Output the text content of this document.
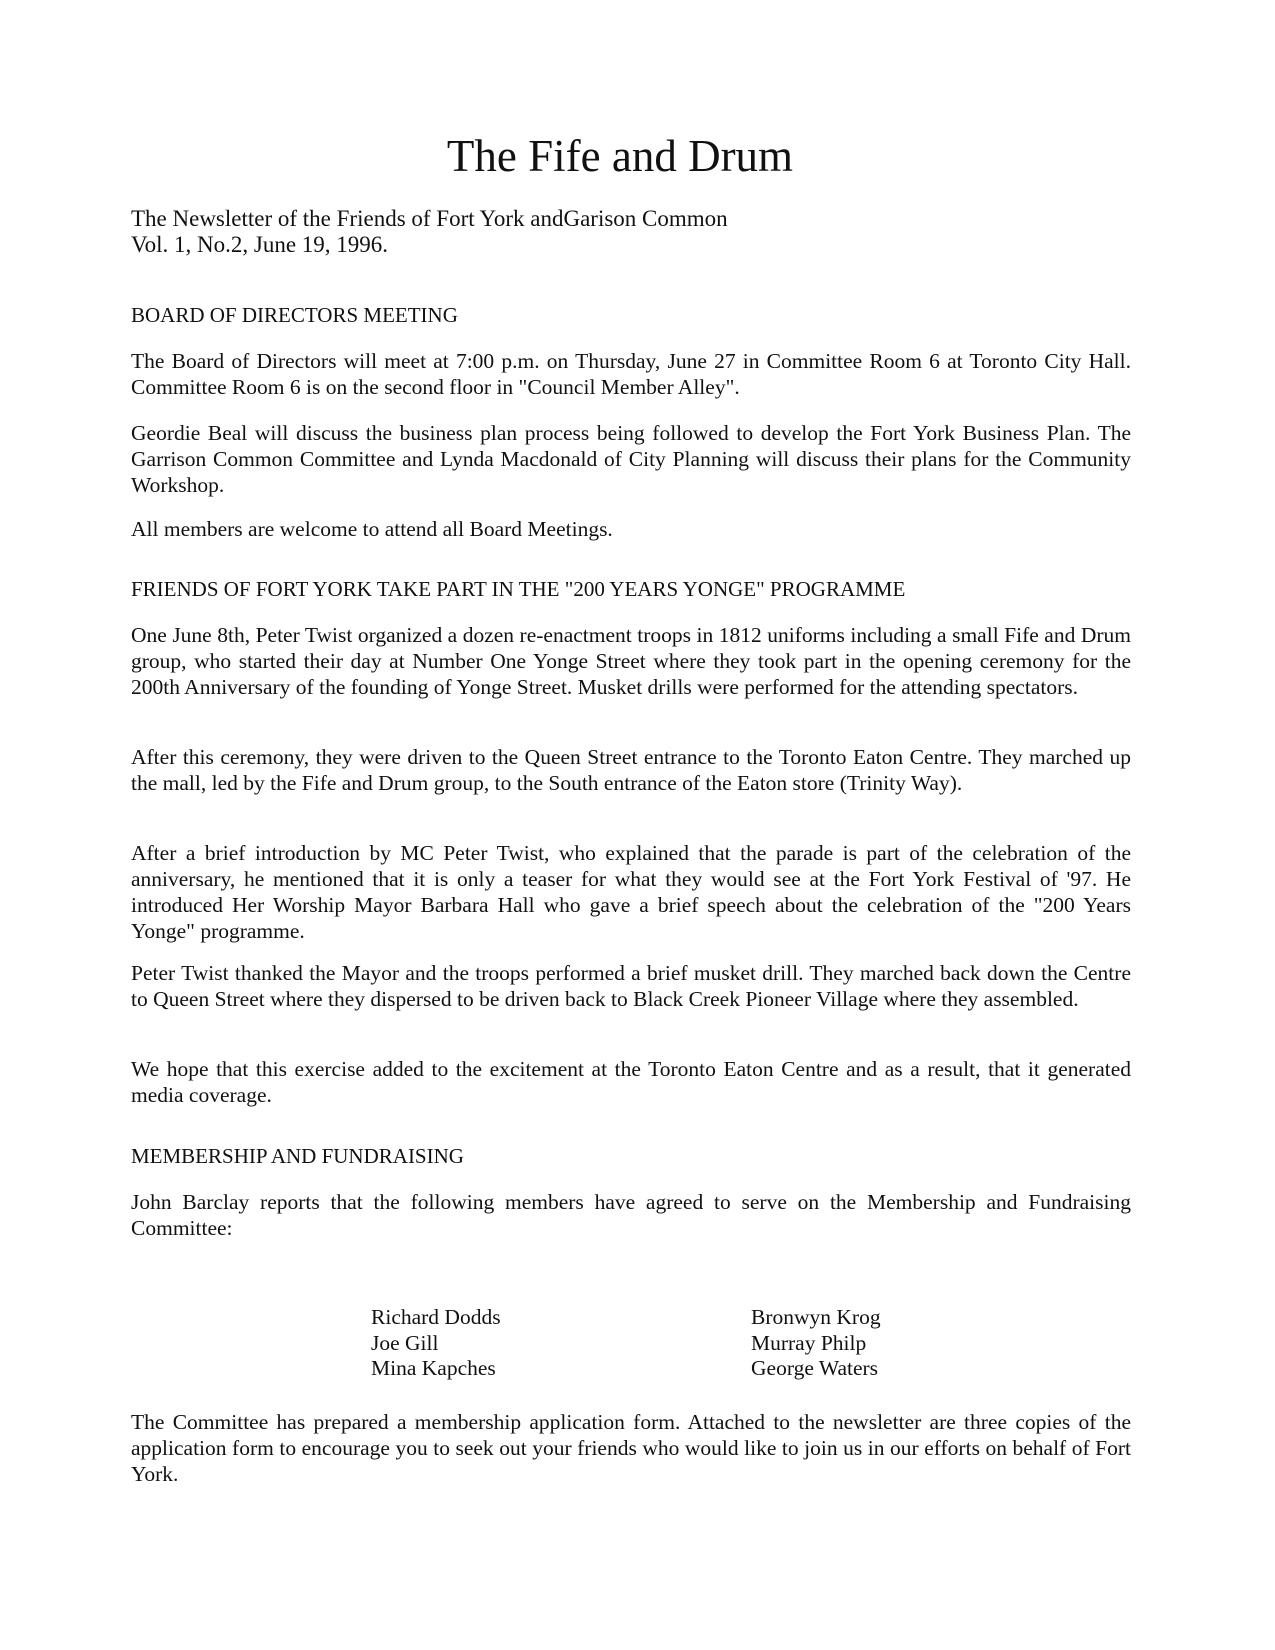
The Fife and Drum

The Newsletter of the Friends of Fort York andGarison Common

Vol. 1, No.2, June 19, 1996.

BOARD OF DIRECTORS MEETING

The Board of Directors will meet at 7:00 p.m. on Thursday, June 27 in Committee Room 6 at Toronto City Hall. Committee Room 6 is on the second floor in "Council Member Alley".

Geordie Beal will discuss the business plan process being followed to develop the Fort York Business Plan. The Garrison Common Committee and Lynda Macdonald of City Planning will discuss their plans for the Community Workshop.

All members are welcome to attend all Board Meetings.

FRIENDS OF FORT YORK TAKE PART IN THE "200 YEARS YONGE" PROGRAMME

One June 8th, Peter Twist organized a dozen re-enactment troops in 1812 uniforms including a small Fife and Drum group, who started their day at Number One Yonge Street where they took part in the opening ceremony for the 200th Anniversary of the founding of Yonge Street. Musket drills were performed for the attending spectators.

After this ceremony, they were driven to the Queen Street entrance to the Toronto Eaton Centre. They marched up the mall, led by the Fife and Drum group, to the South entrance of the Eaton store (Trinity Way).

After a brief introduction by MC Peter Twist, who explained that the parade is part of the celebration of the anniversary, he mentioned that it is only a teaser for what they would see at the Fort York Festival of '97. He introduced Her Worship Mayor Barbara Hall who gave a brief speech about the celebration of the "200 Years Yonge" programme.

Peter Twist thanked the Mayor and the troops performed a brief musket drill. They marched back down the Centre to Queen Street where they dispersed to be driven back to Black Creek Pioneer Village where they assembled.

We hope that this exercise added to the excitement at the Toronto Eaton Centre and as a result, that it generated media coverage.

MEMBERSHIP AND FUNDRAISING

John Barclay reports that the following members have agreed to serve on the Membership and Fundraising Committee:

Richard Dodds
Joe Gill
Mina Kapches
Bronwyn Krog
Murray Philp
George Waters

The Committee has prepared a membership application form. Attached to the newsletter are three copies of the application form to encourage you to seek out your friends who would like to join us in our efforts on behalf of Fort York.
